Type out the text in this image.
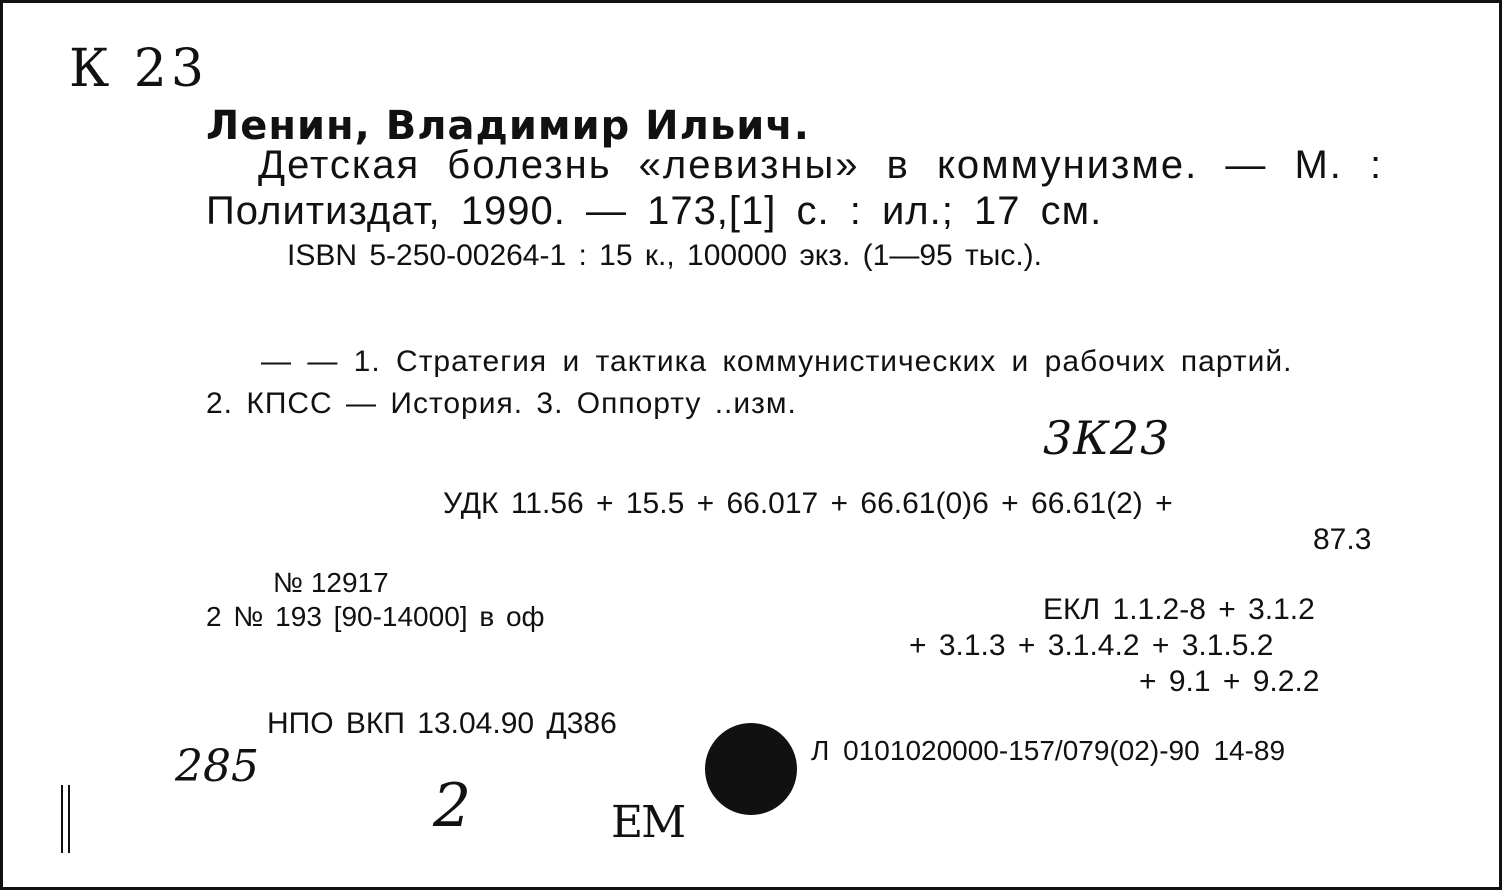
К 23
Ленин, Владимир Ильич.
Детская болезнь «левизны» в коммунизме. — М. :
Политиздат, 1990. — 173,[1] с. : ил.; 17 см.
ISBN 5-250-00264-1 : 15 к., 100000 экз. (1—95 тыс.).
— — 1. Стратегия и тактика коммунистических и рабочих партий.
2. КПСС — История. 3. Оппорту ..изм.
3К23
УДК 11.56 + 15.5 + 66.017 + 66.61(0)6 + 66.61(2) +
87.3
№ 12917
2 № 193 [90-14000] в оф	ЕКЛ 1.1.2-8 + 3.1.2
+ 3.1.3 + 3.1.4.2 + 3.1.5.2
+ 9.1 + 9.2.2
НПО ВКП 13.04.90 Д386
285
2	ЕМ
Л 0101020000-157/079(02)-90 14-89
